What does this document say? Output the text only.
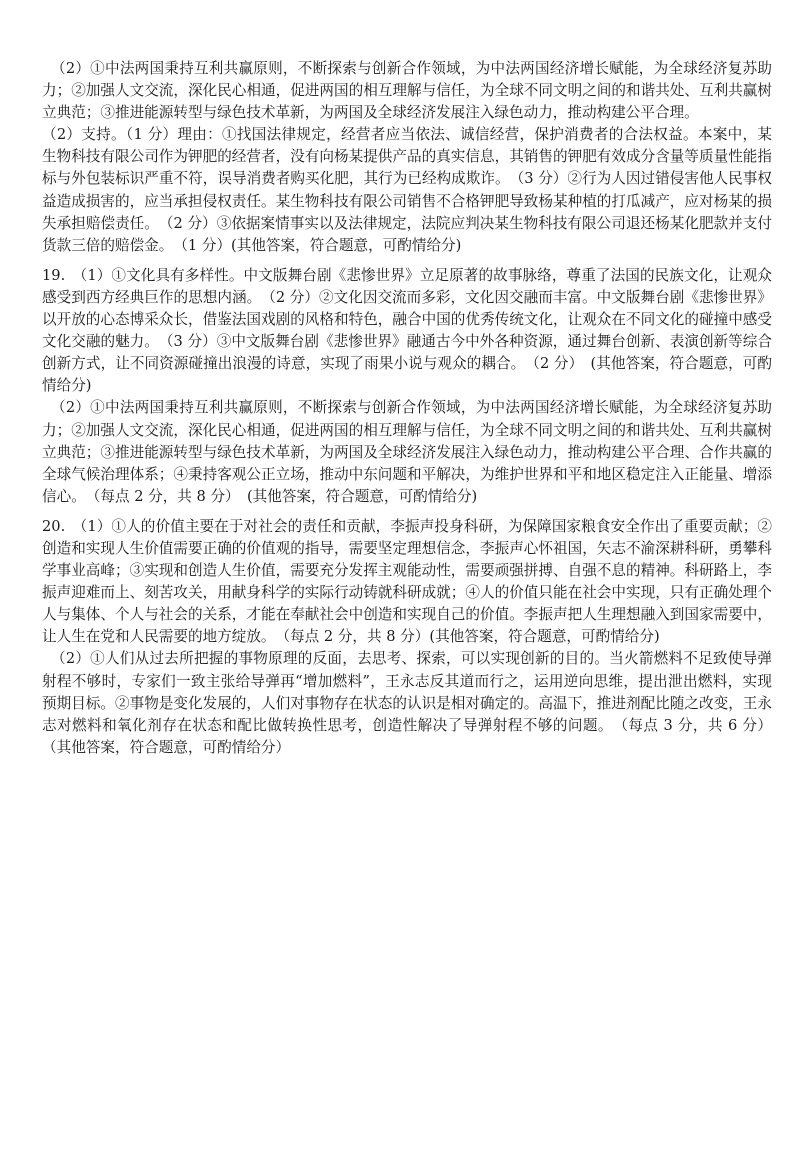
（2）①中法两国秉持互利共赢原则，不断探索与创新合作领域，为中法两国经济增长赋能，为全球经济复苏助力；②加强人文交流，深化民心相通，促进两国的相互理解与信任，为全球不同文明之间的和谐共处、互利共赢树立典范；③推进能源转型与绿色技术革新，为两国及全球经济发展注入绿色动力，推动构建公平合理。

（2）支持。（1 分）理由：①找国法律规定，经营者应当依法、诚信经营，保护消费者的合法权益。本案中，某生物科技有限公司作为钾肥的经营者，没有向杨某提供产品的真实信息，其销售的钾肥有效成分含量等质量性能指标与外包装标识严重不符，误导消费者购买化肥，其行为已经构成欺诈。　（3 分）②行为人因过错侵害他人民事权益造成损害的，应当承担侵权责任。某生物科技有限公司销售不合格钾肥导致杨某种植的打瓜减产，应对杨某的损失承担赔偿责任。　（2 分）③依据案情事实以及法律规定，法院应判决某生物科技有限公司退还杨某化肥款并支付货款三倍的赔偿金。　（1 分）(其他答案，符合题意，可酌情给分)

19.　（1）①文化具有多样性。中文版舞台剧《悲惨世界》立足原著的故事脉络，尊重了法国的民族文化，让观众感受到西方经典巨作的思想内涵。　（2 分）②文化因交流而多彩，文化因交融而丰富。中文版舞台剧《悲惨世界》以开放的心态博采众长，借鉴法国戏剧的风格和特色，融合中国的优秀传统文化，让观众在不同文化的碰撞中感受文化交融的魅力。　（3 分）③中文版舞台剧《悲惨世界》融通古今中外各种资源，通过舞台创新、表演创新等综合创新方式，让不同资源碰撞出浪漫的诗意，实现了雨果小说与观众的耦合。　（2 分）　(其他答案，符合题意，可酌情给分)

（2）①中法两国秉持互利共赢原则，不断探索与创新合作领域，为中法两国经济增长赋能，为全球经济复苏助力；②加强人文交流，深化民心相通，促进两国的相互理解与信任，为全球不同文明之间的和谐共处、互利共赢树立典范；③推进能源转型与绿色技术革新，为两国及全球经济发展注入绿色动力，推动构建公平合理、合作共赢的全球气候治理体系；④秉持客观公正立场，推动中东问题和平解决，为维护世界和平和地区稳定注入正能量、增添信心。　（每点 2 分，共 8 分）　(其他答案，符合题意，可酌情给分)

20.　（1）①人的价值主要在于对社会的责任和贡献，李振声投身科研，为保障国家粮食安全作出了重要贡献；②创造和实现人生价值需要正确的价值观的指导，需要坚定理想信念，李振声心怀祖国，矢志不渝深耕科研，勇攀科学事业高峰；③实现和创造人生价值，需要充分发挥主观能动性，需要顽强拼搏、自强不息的精神。科研路上，李振声迎难而上、刻苦攻关，用献身科学的实际行动铸就科研成就；④人的价值只能在社会中实现，只有正确处理个人与集体、个人与社会的关系，才能在奉献社会中创造和实现自己的价值。李振声把人生理想融入到国家需要中，让人生在党和人民需要的地方绽放。　（每点 2 分，共 8 分）(其他答案，符合题意，可酌情给分)

（2）①人们从过去所把握的事物原理的反面，去思考、探索，可以实现创新的目的。当火箭燃料不足致使导弹射程不够时，专家们一致主张给导弹再“增加燃料”，王永志反其道而行之，运用逆向思维，提出泄出燃料，实现预期目标。②事物是变化发展的，人们对事物存在状态的认识是相对确定的。高温下，推进剂配比随之改变，王永志对燃料和氧化剂存在状态和配比做转换性思考，创造性解决了导弹射程不够的问题。　（每点 3 分，共 6 分）（其他答案，符合题意，可酌情给分）
